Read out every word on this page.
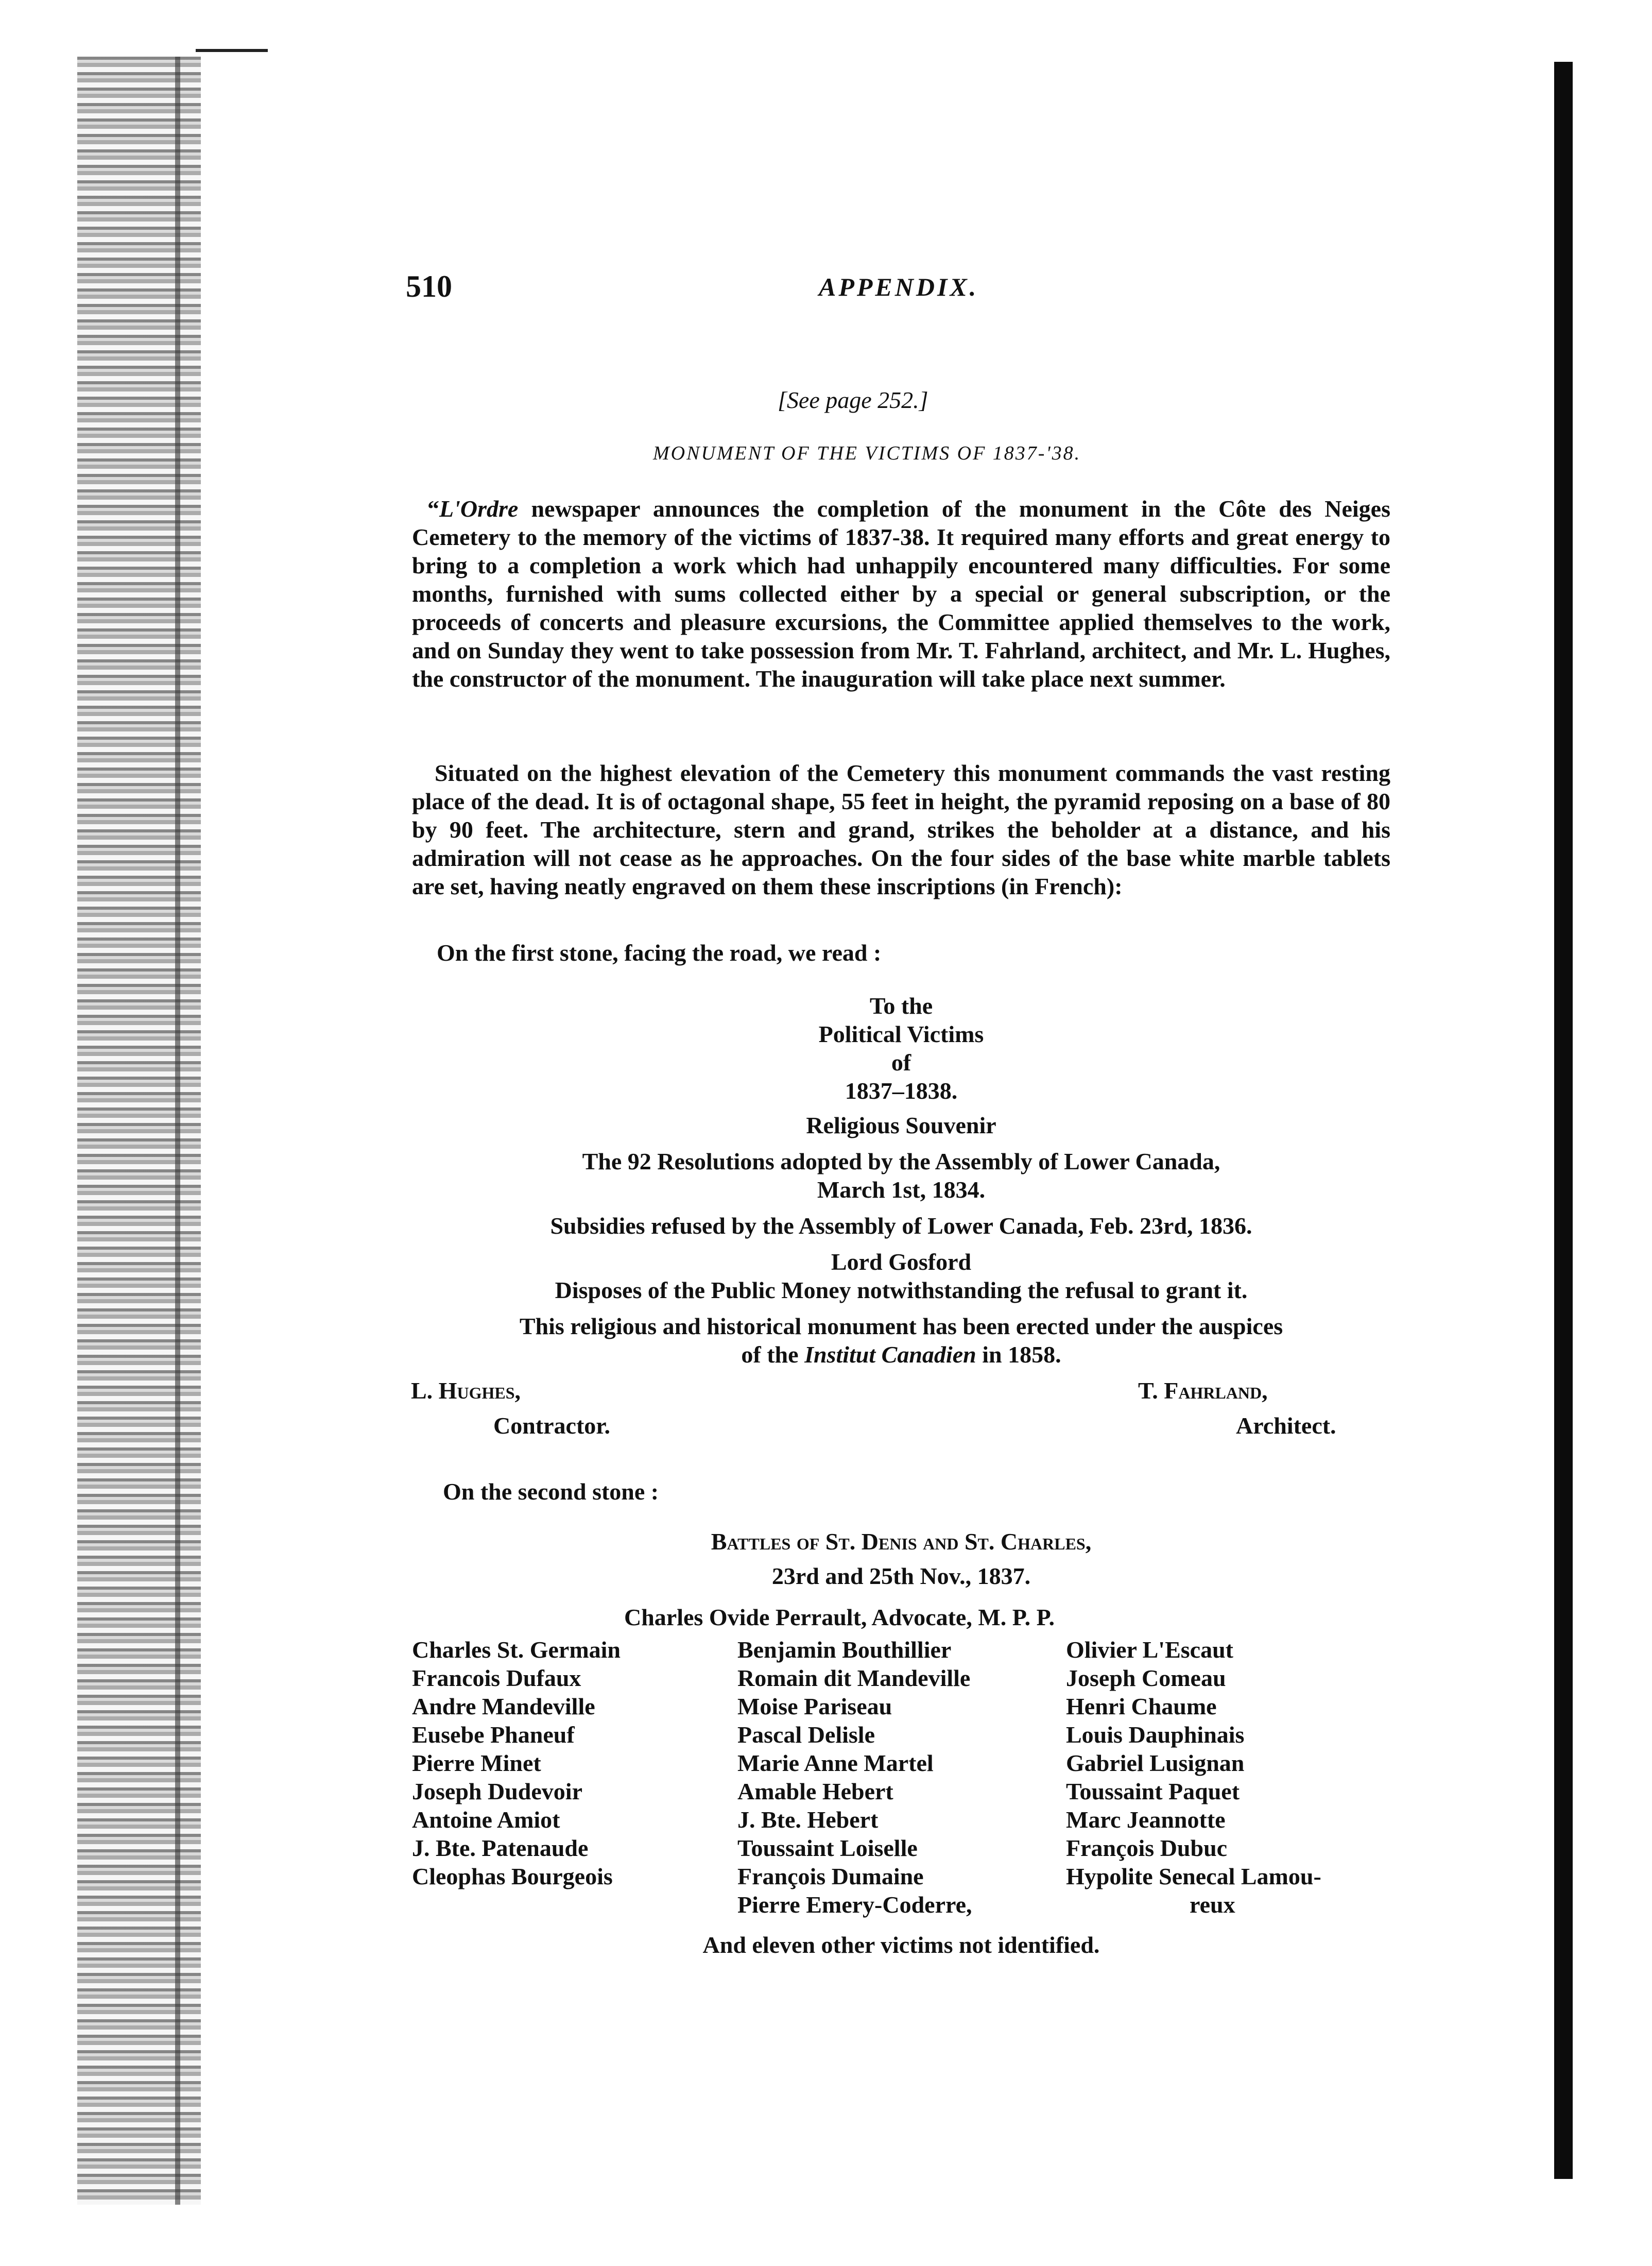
510	APPENDIX.
[See page 252.]
MONUMENT OF THE VICTIMS OF 1837-'38.

“L'Ordre newspaper announces the completion of the monument in the Côte des Neiges Cemetery to the memory of the victims of 1837-38. It required many efforts and great energy to bring to a completion a work which had unhappily encountered many difficulties. For some months, furnished with sums collected either by a special or general subscription, or the proceeds of concerts and pleasure excursions, the Committee applied themselves to the work, and on Sunday they went to take possession from Mr. T. Fahrland, architect, and Mr. L. Hughes, the constructor of the monument. The inauguration will take place next summer.

Situated on the highest elevation of the Cemetery this monument commands the vast resting place of the dead. It is of octagonal shape, 55 feet in height, the pyramid reposing on a base of 80 by 90 feet. The architecture, stern and grand, strikes the beholder at a distance, and his admiration will not cease as he approaches. On the four sides of the base white marble tablets are set, having neatly engraved on them these inscriptions (in French):

On the first stone, facing the road, we read :
To the
Political Victims
of
1837–1838.
Religious Souvenir
The 92 Resolutions adopted by the Assembly of Lower Canada,
March 1st, 1834.
Subsidies refused by the Assembly of Lower Canada, Feb. 23rd, 1836.
Lord Gosford
Disposes of the Public Money notwithstanding the refusal to grant it.
This religious and historical monument has been erected under the auspices
of the Institut Canadien in 1858.
L. Hughes,
Contractor.
T. Fahrland,
Architect.
On the second stone :
Battles of St. Denis and St. Charles,
23rd and 25th Nov., 1837.
Charles Ovide Perrault, Advocate, M. P. P.
Charles St. Germain
Francois Dufaux
Andre Mandeville
Eusebe Phaneuf
Pierre Minet
Joseph Dudevoir
Antoine Amiot
J. Bte. Patenaude
Cleophas Bourgeois
Benjamin Bouthillier
Romain dit Mandeville
Moise Pariseau
Pascal Delisle
Marie Anne Martel
Amable Hebert
J. Bte. Hebert
Toussaint Loiselle
François Dumaine
Pierre Emery-Coderre,
Olivier L'Escaut
Joseph Comeau
Henri Chaume
Louis Dauphinais
Gabriel Lusignan
Toussaint Paquet
Marc Jeannotte
François Dubuc
Hypolite Senecal Lamou-
reux
And eleven other victims not identified.
